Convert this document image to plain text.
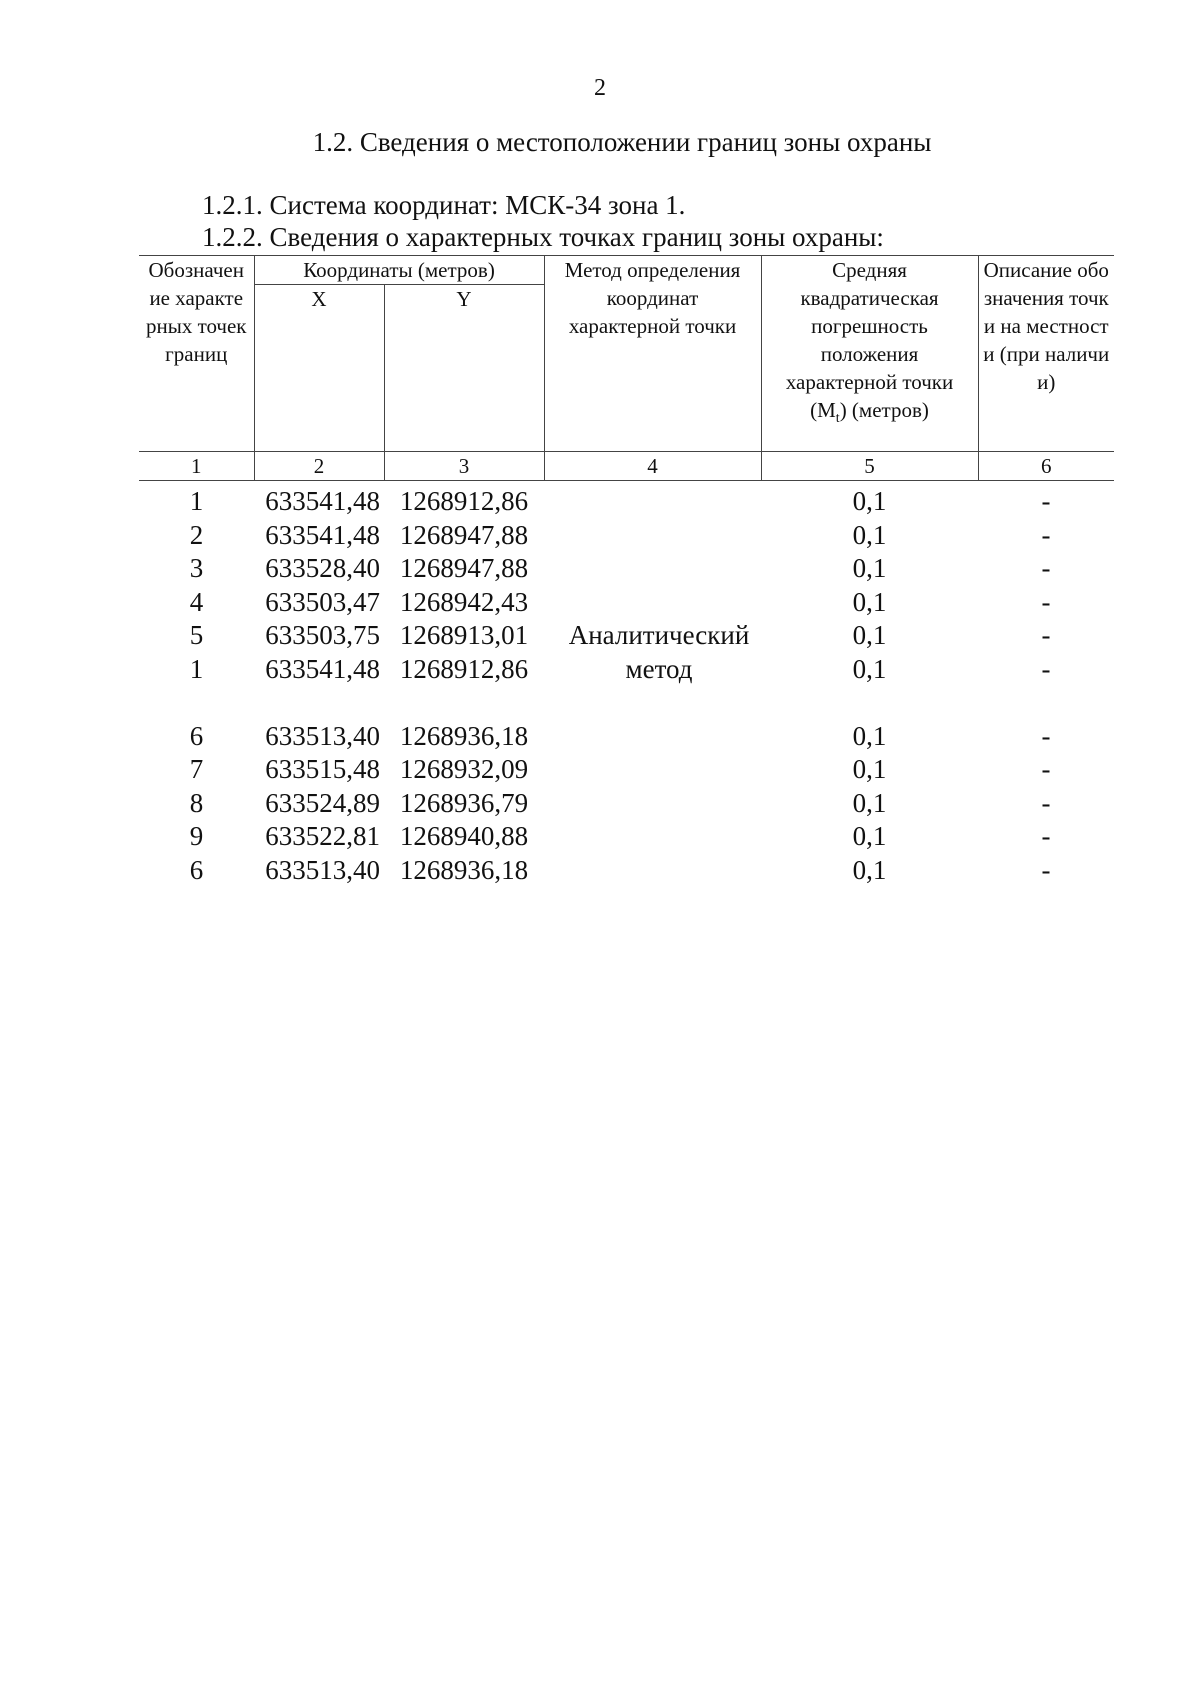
2
1.2. Сведения о местоположении границ зоны охраны
1.2.1. Система координат: МСК-34 зона 1.
1.2.2. Сведения о характерных точках границ зоны охраны:
Обозначение характерных точек границ	Координаты (метров)		Метод определения координат характерной точки	Средняя квадратическая погрешность положения характерной точки $(M_t)$ (метров)	Описание обозначения точки на местности (при наличии)
	X	Y			
1	2	3	4	5	6
1	633541,48	1268912,86		0,1	-
2	633541,48	1268947,88		0,1	-
3	633528,40	1268947,88		0,1	-
4	633503,47	1268942,43		0,1	-
5	633503,75	1268913,01		0,1	-
1	633541,48	1268912,86		0,1	-

6	633513,40	1268936,18		0,1	-
7	633515,48	1268932,09		0,1	-
8	633524,89	1268936,79		0,1	-
9	633522,81	1268940,88		0,1	-
6	633513,40	1268936,18		0,1	-
Аналитический
метод
